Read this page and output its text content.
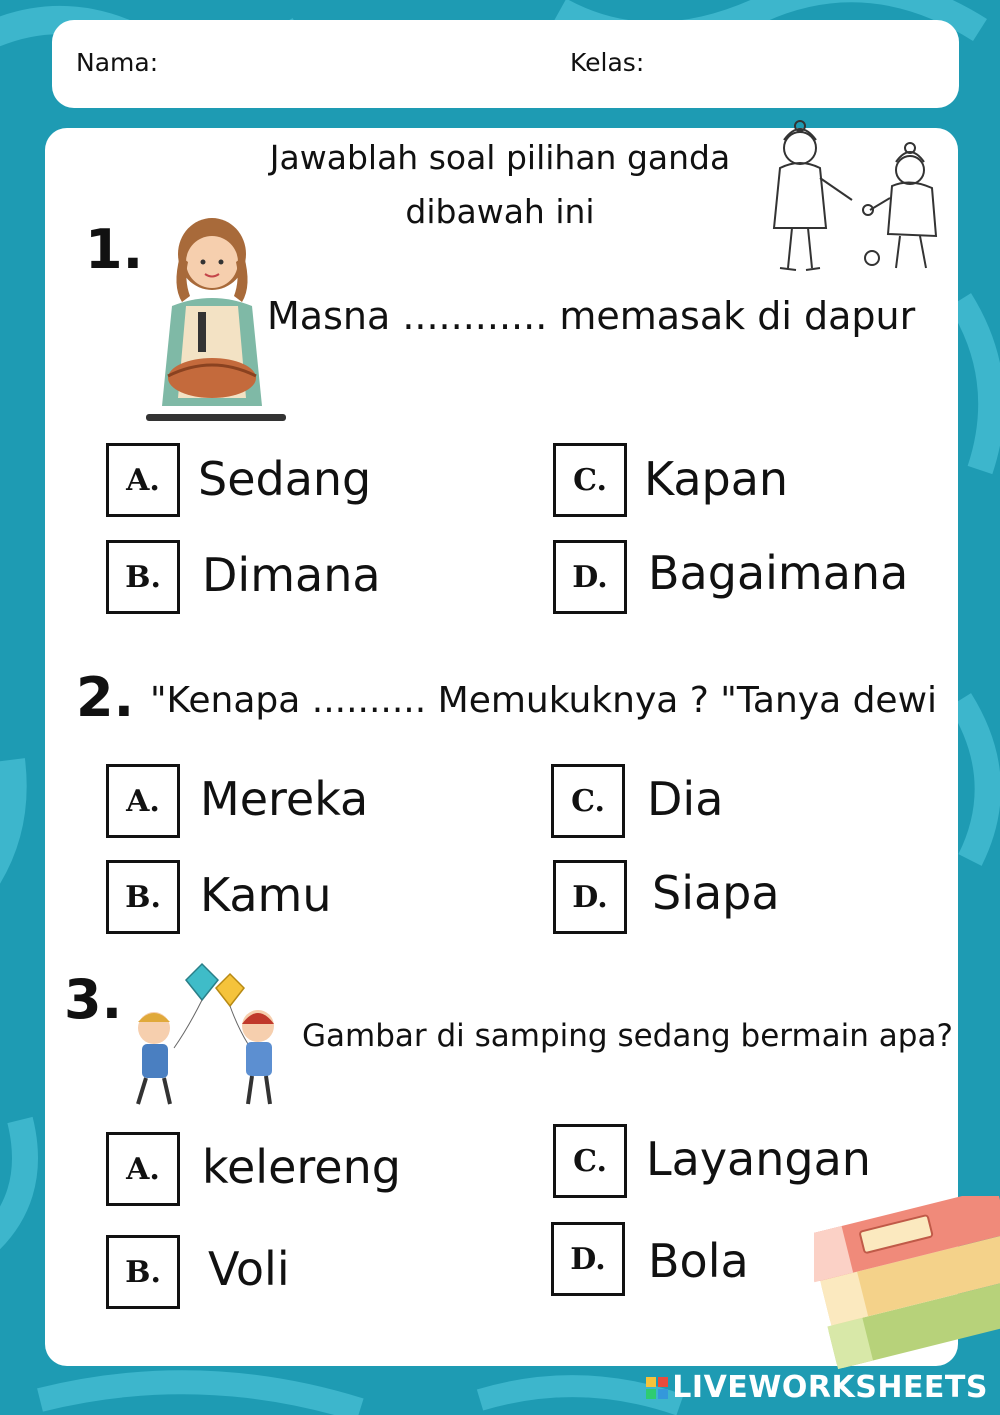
Nama:	Kelas:
Jawablah soal pilihan ganda
dibawah ini
1.
Masna ............ memasak di dapur
A. Sedang
B. Dimana
C. Kapan
D. Bagaimana
2. "Kenapa .......... Memukuknya ? "Tanya dewi
A. Mereka
B. Kamu
C. Dia
D. Siapa
3.
Gambar di samping sedang bermain apa?
A. kelereng
B.	Voli
C. Layangan
D. Bola
LIVEWORKSHEETS
